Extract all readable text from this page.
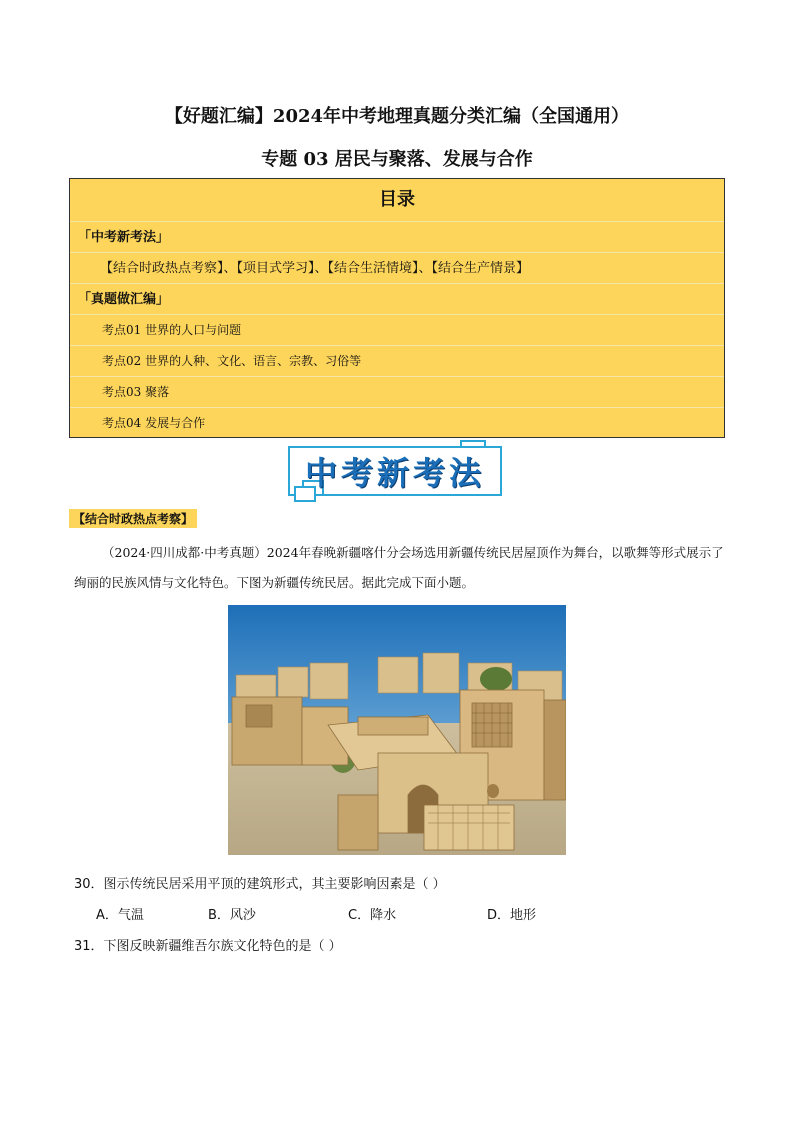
【好题汇编】2024年中考地理真题分类汇编（全国通用）
专题 03 居民与聚落、发展与合作
目录
「中考新考法」
【结合时政热点考察】、【项目式学习】、【结合生活情境】、【结合生产情景】
「真题做汇编」
考点01 世界的人口与问题
考点02 世界的人种、文化、语言、宗教、习俗等
考点03 聚落
考点04 发展与合作
中考新考法
【结合时政热点考察】
（2024·四川成都·中考真题）2024年春晚新疆喀什分会场选用新疆传统民居屋顶作为舞台，以歌舞等形式展示了绚丽的民族风情与文化特色。下图为新疆传统民居。据此完成下面小题。
30．图示传统民居采用平顶的建筑形式，其主要影响因素是（ ）
A．气温	B．风沙	C．降水	D．地形
31．下图反映新疆维吾尔族文化特色的是（ ）
